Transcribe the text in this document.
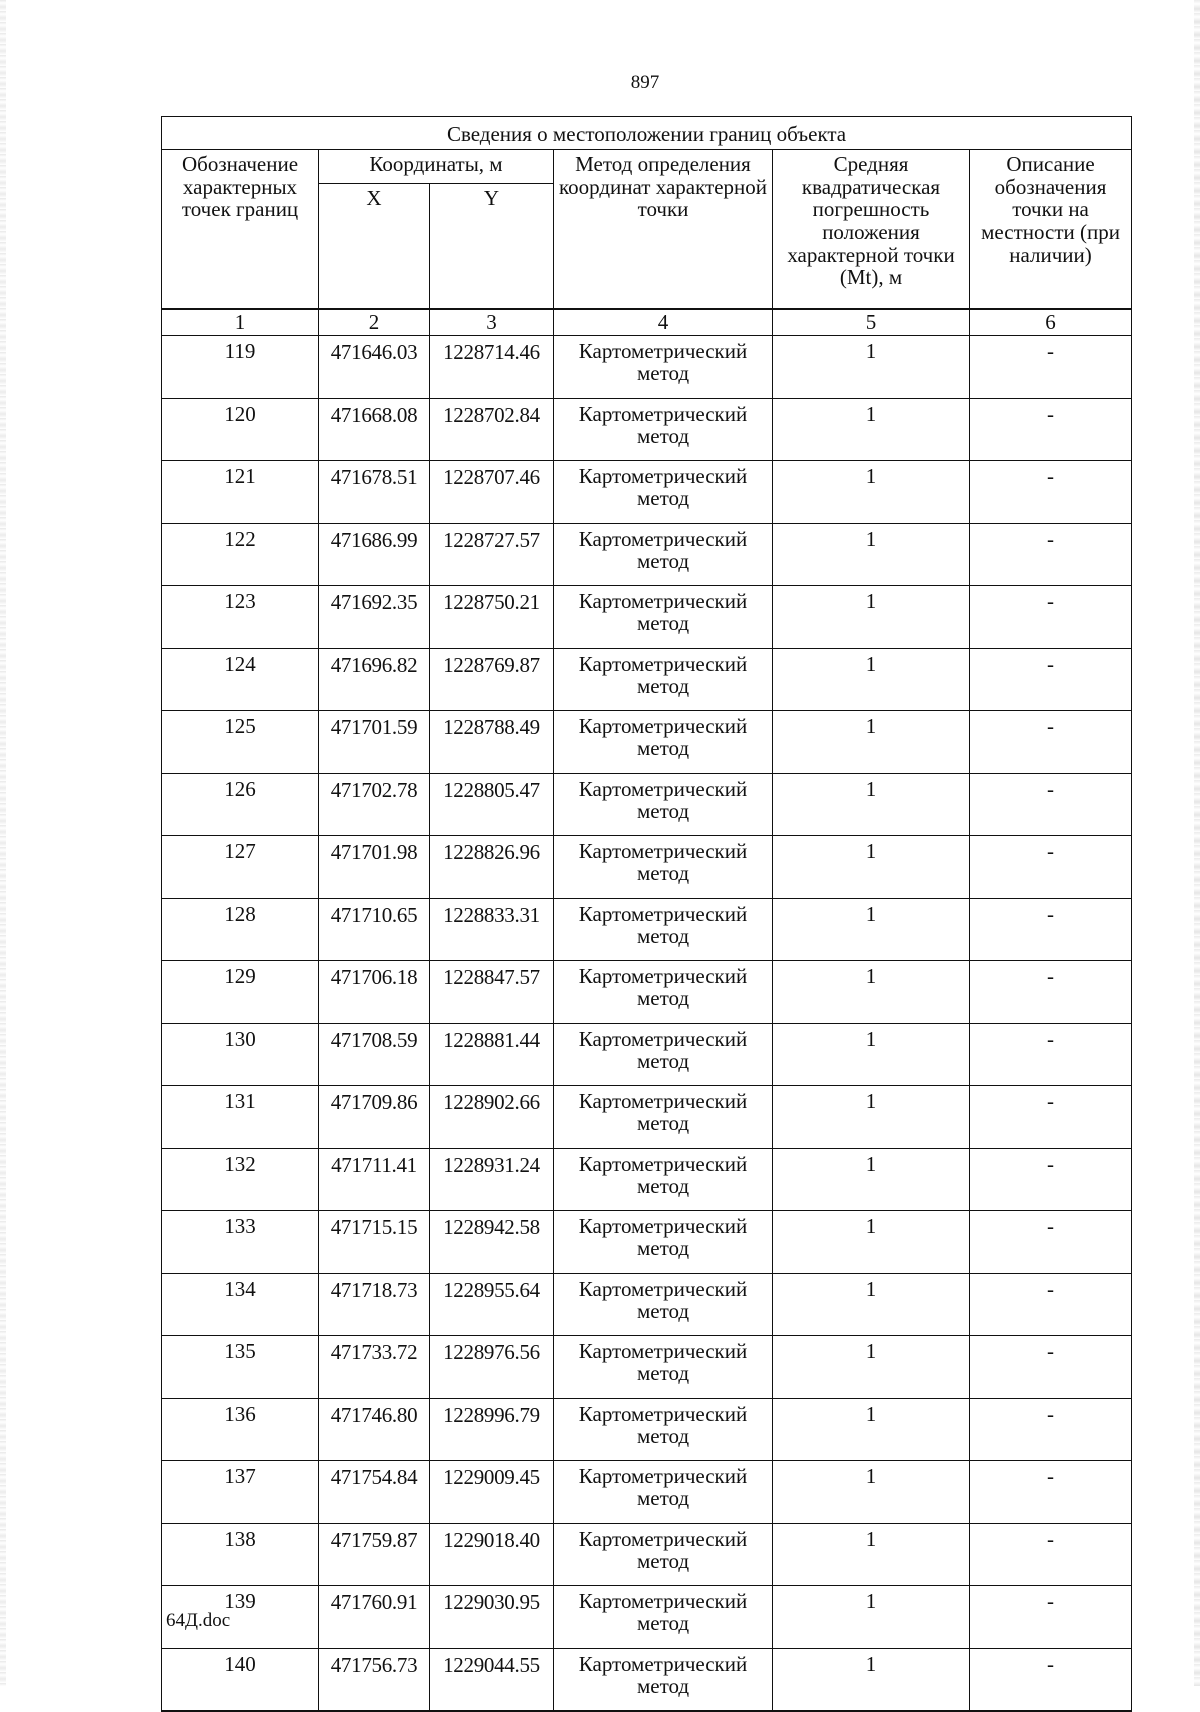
897
Сведения о местоположении границ объекта					
Обозначение характерных точек границ	Координаты, м		Метод определения координат характерной точки	Средняя квадратическая погрешность положения характерной точки (Mt), м	Описание обозначения точки на местности (при наличии)
	X	Y			
1	2	3	4	5	6
119	471646.03	1228714.46	Картометрический метод	1	-
120	471668.08	1228702.84	Картометрический метод	1	-
121	471678.51	1228707.46	Картометрический метод	1	-
122	471686.99	1228727.57	Картометрический метод	1	-
123	471692.35	1228750.21	Картометрический метод	1	-
124	471696.82	1228769.87	Картометрический метод	1	-
125	471701.59	1228788.49	Картометрический метод	1	-
126	471702.78	1228805.47	Картометрический метод	1	-
127	471701.98	1228826.96	Картометрический метод	1	-
128	471710.65	1228833.31	Картометрический метод	1	-
129	471706.18	1228847.57	Картометрический метод	1	-
130	471708.59	1228881.44	Картометрический метод	1	-
131	471709.86	1228902.66	Картометрический метод	1	-
132	471711.41	1228931.24	Картометрический метод	1	-
133	471715.15	1228942.58	Картометрический метод	1	-
134	471718.73	1228955.64	Картометрический метод	1	-
135	471733.72	1228976.56	Картометрический метод	1	-
136	471746.80	1228996.79	Картометрический метод	1	-
137	471754.84	1229009.45	Картометрический метод	1	-
138	471759.87	1229018.40	Картометрический метод	1	-
139	471760.91	1229030.95	Картометрический метод	1	-
140	471756.73	1229044.55	Картометрический метод	1	-
64Д.doc
